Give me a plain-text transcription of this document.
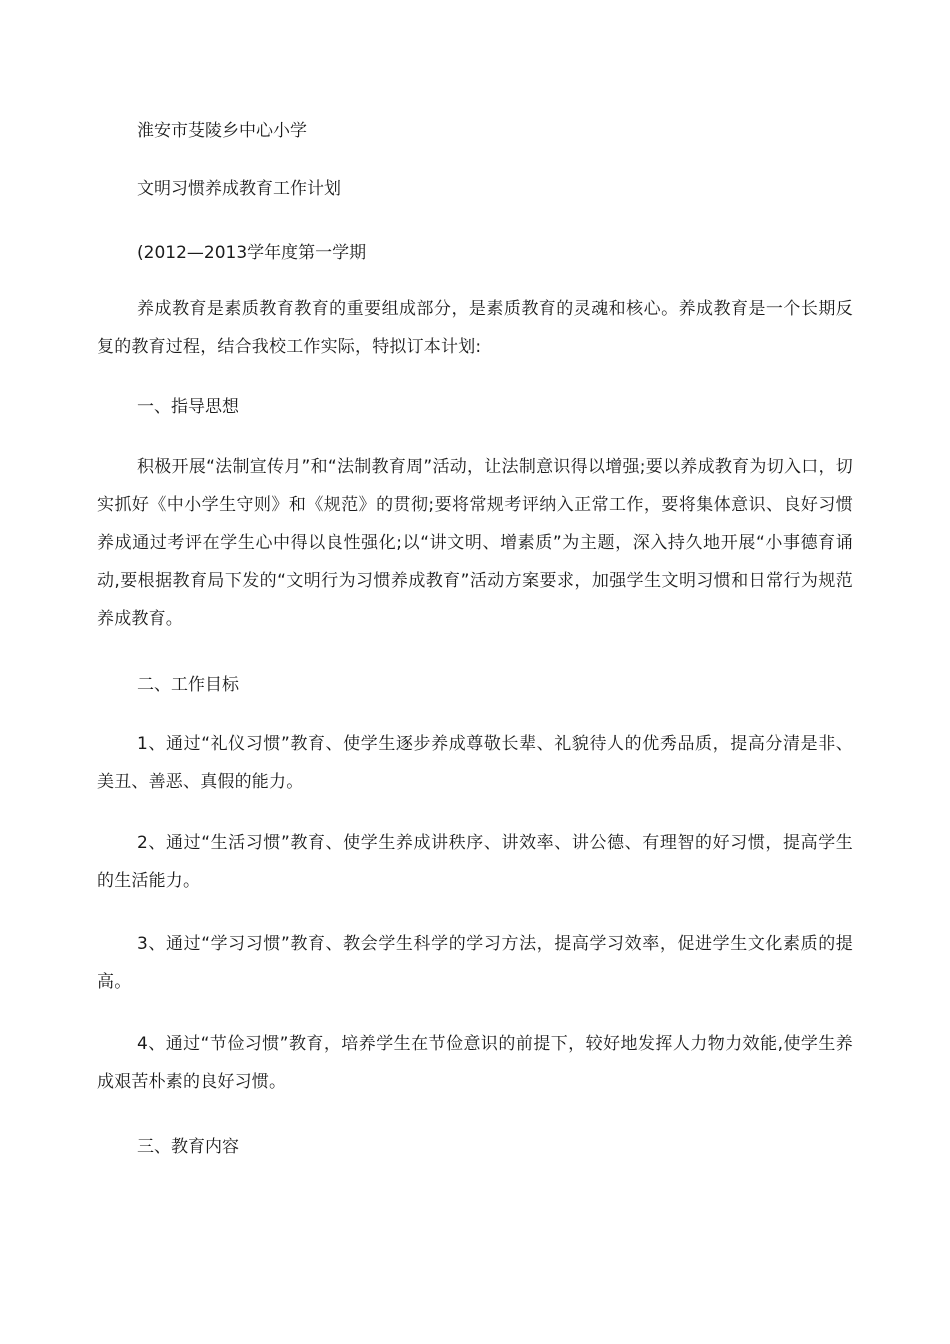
淮安市芟陵乡中心小学
文明习惯养成教育工作计划
(2012—2013学年度第一学期
养成教育是素质教育教育的重要组成部分，是素质教育的灵魂和核心。养成教育是一个长期反复的教育过程，结合我校工作实际，特拟订本计划:
一、指导思想
积极开展“法制宣传月”和“法制教育周”活动，让法制意识得以增强;要以养成教育为切入口，切实抓好《中小学生守则》和《规范》的贯彻;要将常规考评纳入正常工作，要将集体意识、良好习惯养成通过考评在学生心中得以良性强化;以“讲文明、增素质”为主题，深入持久地开展“小事德育诵动,要根据教育局下发的“文明行为习惯养成教育”活动方案要求，加强学生文明习惯和日常行为规范养成教育。
二、工作目标
1、通过“礼仪习惯”教育、使学生逐步养成尊敬长辈、礼貌待人的优秀品质，提高分清是非、美丑、善恶、真假的能力。
2、通过“生活习惯”教育、使学生养成讲秩序、讲效率、讲公德、有理智的好习惯，提高学生的生活能力。
3、通过“学习习惯”教育、教会学生科学的学习方法，提高学习效率，促进学生文化素质的提高。
4、通过“节俭习惯”教育，培养学生在节俭意识的前提下，较好地发挥人力物力效能,使学生养成艰苦朴素的良好习惯。
三、教育内容
